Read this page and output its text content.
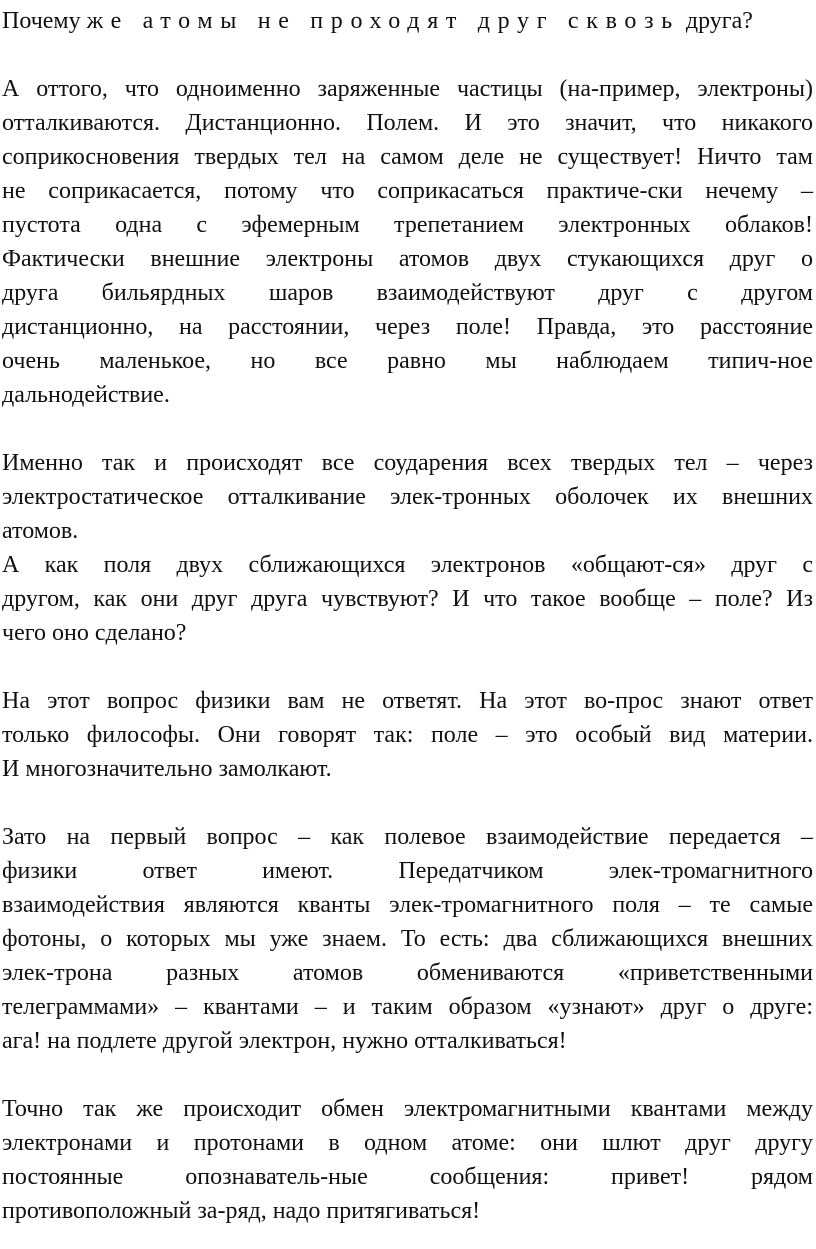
Почему же атомы не проходят друг сквозь друга?
А оттого, что одноименно заряженные частицы (на-пример, электроны)
отталкиваются. Дистанционно. Полем. И это значит, что никакого
соприкосновения твердых тел на самом деле не существует! Ничто там
не соприкасается, потому что соприкасаться практиче-ски нечему –
пустота одна с эфемерным трепетанием электронных облаков!
Фактически внешние электроны атомов двух стукающихся друг о
друга бильярдных шаров взаимодействуют друг с другом
дистанционно, на расстоянии, через поле! Правда, это расстояние
очень маленькое, но все равно мы наблюдаем типич-ное
дальнодействие.
Именно так и происходят все соударения всех твердых тел – через
электростатическое отталкивание элек-тронных оболочек их внешних
атомов.
А как поля двух сближающихся электронов «общают-ся» друг с
другом, как они друг друга чувствуют? И что такое вообще – поле? Из
чего оно сделано?
На этот вопрос физики вам не ответят. На этот во-прос знают ответ
только философы. Они говорят так: поле – это особый вид материи.
И многозначительно замолкают.
Зато на первый вопрос – как полевое взаимодействие передается –
физики ответ имеют. Передатчиком элек-тромагнитного
взаимодействия являются кванты элек-тромагнитного поля – те самые
фотоны, о которых мы уже знаем. То есть: два сближающихся внешних
элек-трона разных атомов обмениваются «приветственными
телеграммами» – квантами – и таким образом «узнают» друг о друге:
ага! на подлете другой электрон, нужно отталкиваться!
Точно так же происходит обмен электромагнитными квантами между
электронами и протонами в одном атоме: они шлют друг другу
постоянные опознаватель-ные сообщения: привет! рядом
противоположный за-ряд, надо притягиваться!
